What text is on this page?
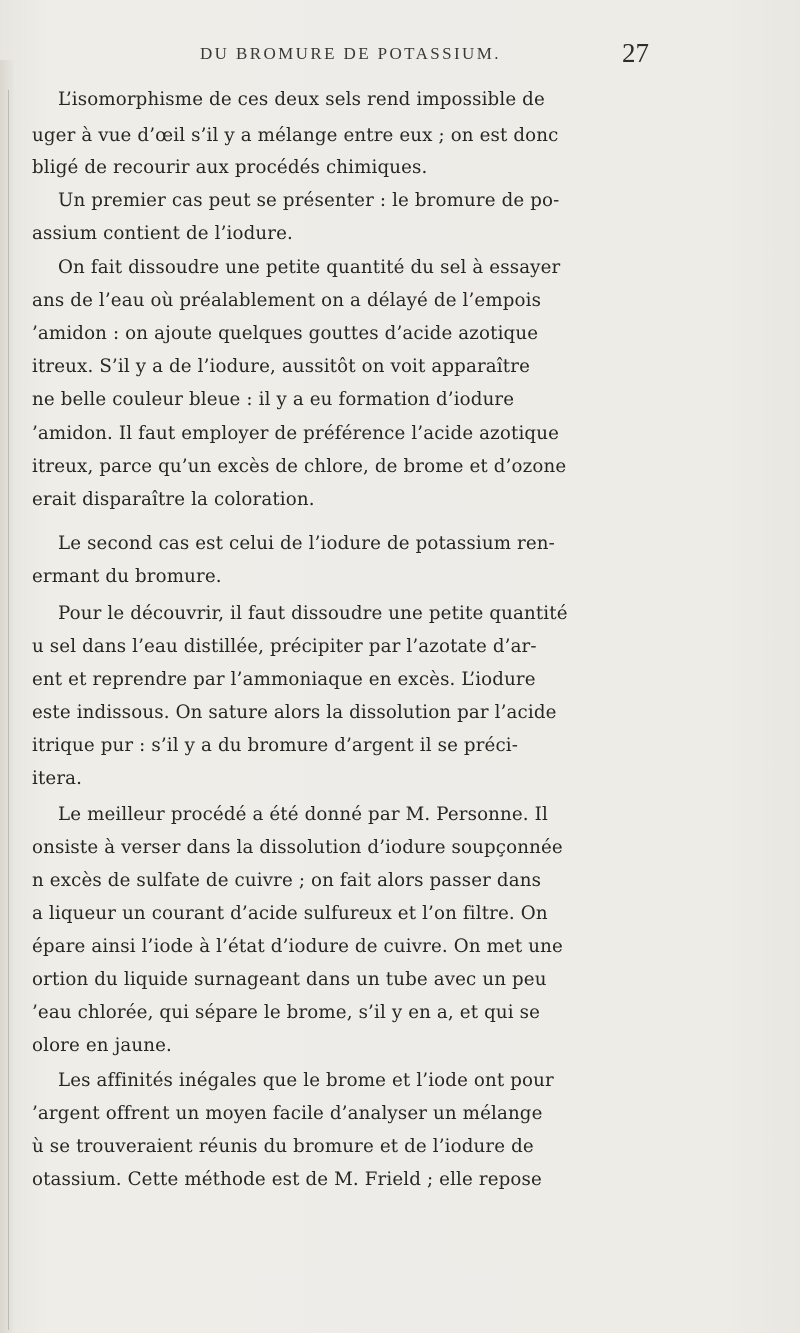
DU BROMURE DE POTASSIUM.	27
L’isomorphisme de ces deux sels rend impossible de
uger à vue d’œil s’il y a mélange entre eux ; on est donc
bligé de recourir aux procédés chimiques.
Un premier cas peut se présenter : le bromure de po-
assium contient de l’iodure.
On fait dissoudre une petite quantité du sel à essayer
ans de l’eau où préalablement on a délayé de l’empois
’amidon : on ajoute quelques gouttes d’acide azotique
itreux. S’il y a de l’iodure, aussitôt on voit apparaître
ne belle couleur bleue : il y a eu formation d’iodure
’amidon. Il faut employer de préférence l’acide azotique
itreux, parce qu’un excès de chlore, de brome et d’ozone
erait disparaître la coloration.
Le second cas est celui de l’iodure de potassium ren-
ermant du bromure.
Pour le découvrir, il faut dissoudre une petite quantité
u sel dans l’eau distillée, précipiter par l’azotate d’ar-
ent et reprendre par l’ammoniaque en excès. L’iodure
este indissous. On sature alors la dissolution par l’acide
itrique pur : s’il y a du bromure d’argent il se préci-
itera.
Le meilleur procédé a été donné par M. Personne. Il
onsiste à verser dans la dissolution d’iodure soupçonnée
n excès de sulfate de cuivre ; on fait alors passer dans
a liqueur un courant d’acide sulfureux et l’on filtre. On
épare ainsi l’iode à l’état d’iodure de cuivre. On met une
ortion du liquide surnageant dans un tube avec un peu
’eau chlorée, qui sépare le brome, s’il y en a, et qui se
olore en jaune.
Les affinités inégales que le brome et l’iode ont pour
’argent offrent un moyen facile d’analyser un mélange
ù se trouveraient réunis du bromure et de l’iodure de
otassium. Cette méthode est de M. Frield ; elle repose
